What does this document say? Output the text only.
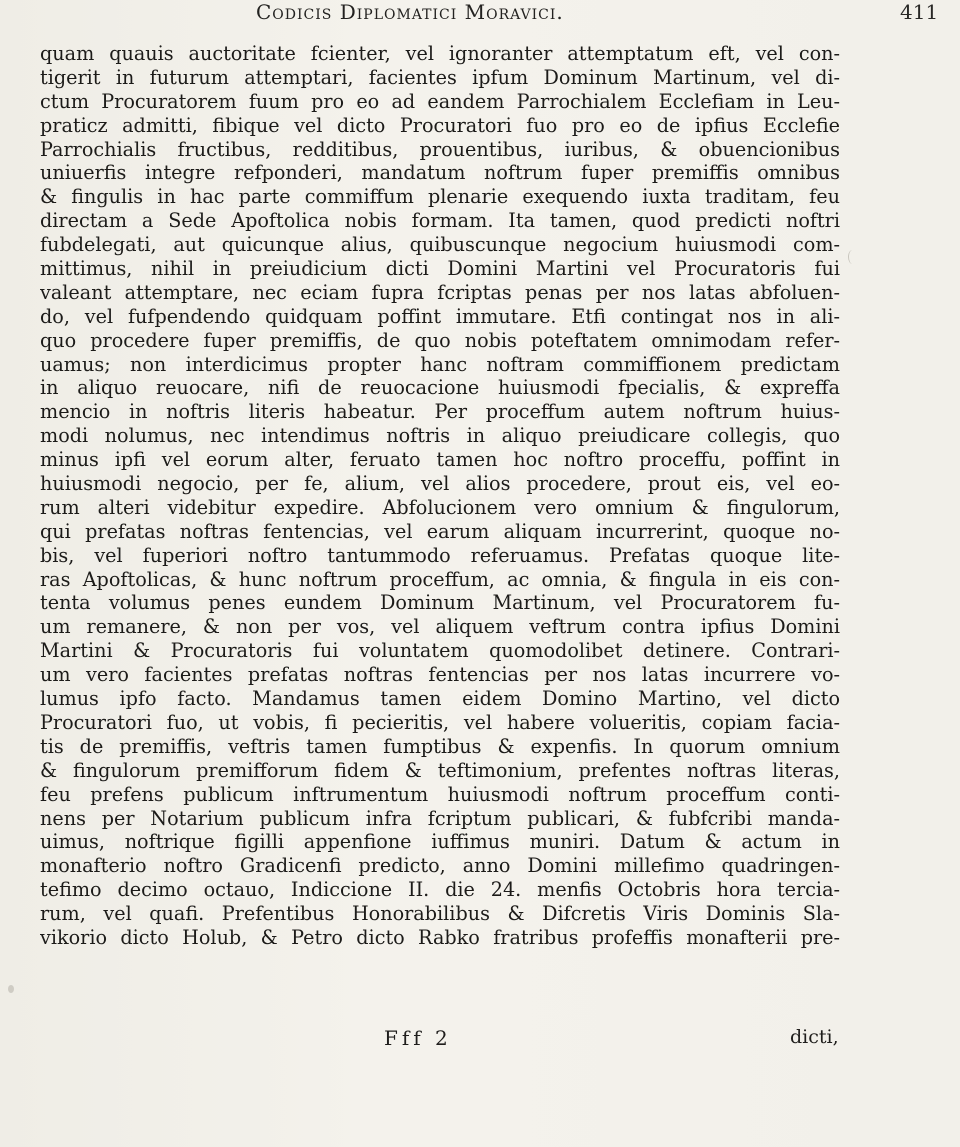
Codicis Diplomatici Moravici.	411
quam quauis auctoritate fcienter, vel ignoranter attemptatum eft, vel con-
tigerit in futurum attemptari, facientes ipfum Dominum Martinum, vel di-
ctum Procuratorem fuum pro eo ad eandem Parrochialem Ecclefiam in Leu-
praticz admitti, fibique vel dicto Procuratori fuo pro eo de ipfius Ecclefie
Parrochialis fructibus, redditibus, prouentibus, iuribus, & obuencionibus
uniuerfis integre refponderi, mandatum noftrum fuper premiffis omnibus
& fingulis in hac parte commiffum plenarie exequendo iuxta traditam, feu
directam a Sede Apoftolica nobis formam. Ita tamen, quod predicti noftri
fubdelegati, aut quicunque alius, quibuscunque negocium huiusmodi com-
mittimus, nihil in preiudicium dicti Domini Martini vel Procuratoris fui
valeant attemptare, nec eciam fupra fcriptas penas per nos latas abfoluen-
do, vel fufpendendo quidquam poffint immutare. Etfi contingat nos in ali-
quo procedere fuper premiffis, de quo nobis poteftatem omnimodam refer-
uamus; non interdicimus propter hanc noftram commiffionem predictam
in aliquo reuocare, nifi de reuocacione huiusmodi fpecialis, & expreffa
mencio in noftris literis habeatur. Per proceffum autem noftrum huius-
modi nolumus, nec intendimus noftris in aliquo preiudicare collegis, quo
minus ipfi vel eorum alter, feruato tamen hoc noftro proceffu, poffint in
huiusmodi negocio, per fe, alium, vel alios procedere, prout eis, vel eo-
rum alteri videbitur expedire. Abfolucionem vero omnium & fingulorum,
qui prefatas noftras fentencias, vel earum aliquam incurrerint, quoque no-
bis, vel fuperiori noftro tantummodo referuamus. Prefatas quoque lite-
ras Apoftolicas, & hunc noftrum proceffum, ac omnia, & fingula in eis con-
tenta volumus penes eundem Dominum Martinum, vel Procuratorem fu-
um remanere, & non per vos, vel aliquem veftrum contra ipfius Domini
Martini & Procuratoris fui voluntatem quomodolibet detinere. Contrari-
um vero facientes prefatas noftras fentencias per nos latas incurrere vo-
lumus ipfo facto. Mandamus tamen eidem Domino Martino, vel dicto
Procuratori fuo, ut vobis, fi pecieritis, vel habere volueritis, copiam facia-
tis de premiffis, veftris tamen fumptibus & expenfis. In quorum omnium
& fingulorum premifforum fidem & teftimonium, prefentes noftras literas,
feu prefens publicum inftrumentum huiusmodi noftrum proceffum conti-
nens per Notarium publicum infra fcriptum publicari, & fubfcribi manda-
uimus, noftrique figilli appenfione iuffimus muniri. Datum & actum in
monafterio noftro Gradicenfi predicto, anno Domini millefimo quadringen-
tefimo decimo octauo, Indiccione II. die 24. menfis Octobris hora tercia-
rum, vel quafi. Prefentibus Honorabilibus & Difcretis Viris Dominis Sla-
vikorio dicto Holub, & Petro dicto Rabko fratribus profeffis monafterii pre-
Fff 2	dicti,
